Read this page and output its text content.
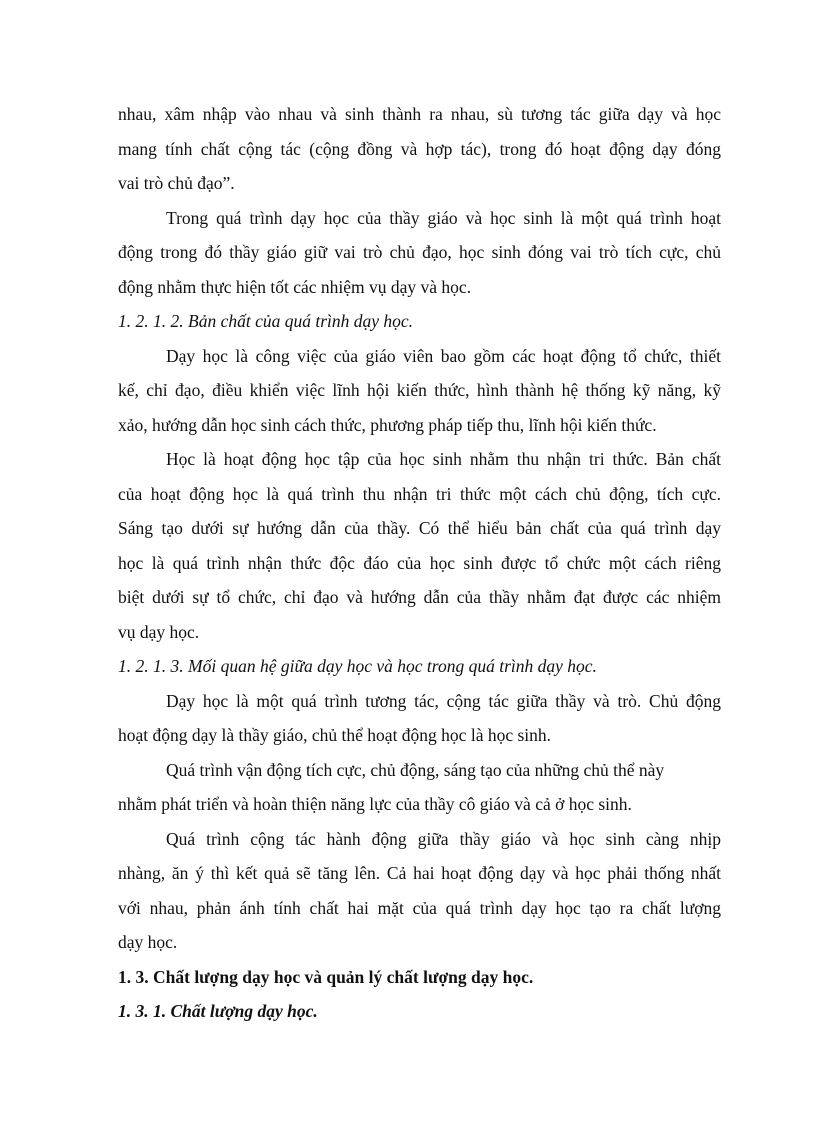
nhau, xâm nhập vào nhau và sinh thành ra nhau, sù tương tác giữa dạy và học

mang tính chất cộng tác (cộng đồng và hợp tác), trong đó hoạt động dạy đóng

vai trò chủ đạo”.

Trong quá trình dạy học của thầy giáo và học sinh là một quá trình hoạt

động trong đó thầy giáo giữ vai trò chủ đạo, học sinh đóng vai trò tích cực, chủ

động nhằm thực hiện tốt các nhiệm vụ dạy và học.

1. 2. 1. 2. Bản chất của quá trình dạy học.

Dạy học là công việc của giáo viên bao gồm các hoạt động tổ chức, thiết

kế, chỉ đạo, điều khiển việc lĩnh hội kiến thức, hình thành hệ thống kỹ năng, kỹ

xảo, hướng dẫn học sinh cách thức, phương pháp tiếp thu, lĩnh hội kiến thức.

Học là hoạt động học tập của học sinh nhằm thu nhận tri thức. Bản chất

của hoạt động học là quá trình thu nhận tri thức một cách chủ động, tích cực.

Sáng tạo dưới sự hướng dẫn của thầy. Có thể hiểu bản chất của quá trình dạy

học là quá trình nhận thức độc đáo của học sinh được tổ chức một cách riêng

biệt dưới sự tổ chức, chỉ đạo và hướng dẫn của thầy nhằm đạt được các nhiệm

vụ dạy học.

1. 2. 1. 3. Mối quan hệ giữa dạy học và học trong quá trình dạy học.

Dạy học là một quá trình tương tác, cộng tác giữa thầy và trò. Chủ động

hoạt động dạy là thầy giáo, chủ thể hoạt động học là học sinh.

Quá trình vận động tích cực, chủ động, sáng tạo của những chủ thể này

nhằm phát triển và hoàn thiện năng lực của thầy cô giáo và cả ở học sinh.

Quá trình cộng tác hành động giữa thầy giáo và học sinh càng nhịp

nhàng, ăn ý thì kết quả sẽ tăng lên. Cả hai hoạt động dạy và học phải thống nhất

với nhau, phản ánh tính chất hai mặt của quá trình dạy học tạo ra chất lượng

dạy học.

1. 3. Chất lượng dạy học và quản lý chất lượng dạy học.

1. 3. 1. Chất lượng dạy học.
